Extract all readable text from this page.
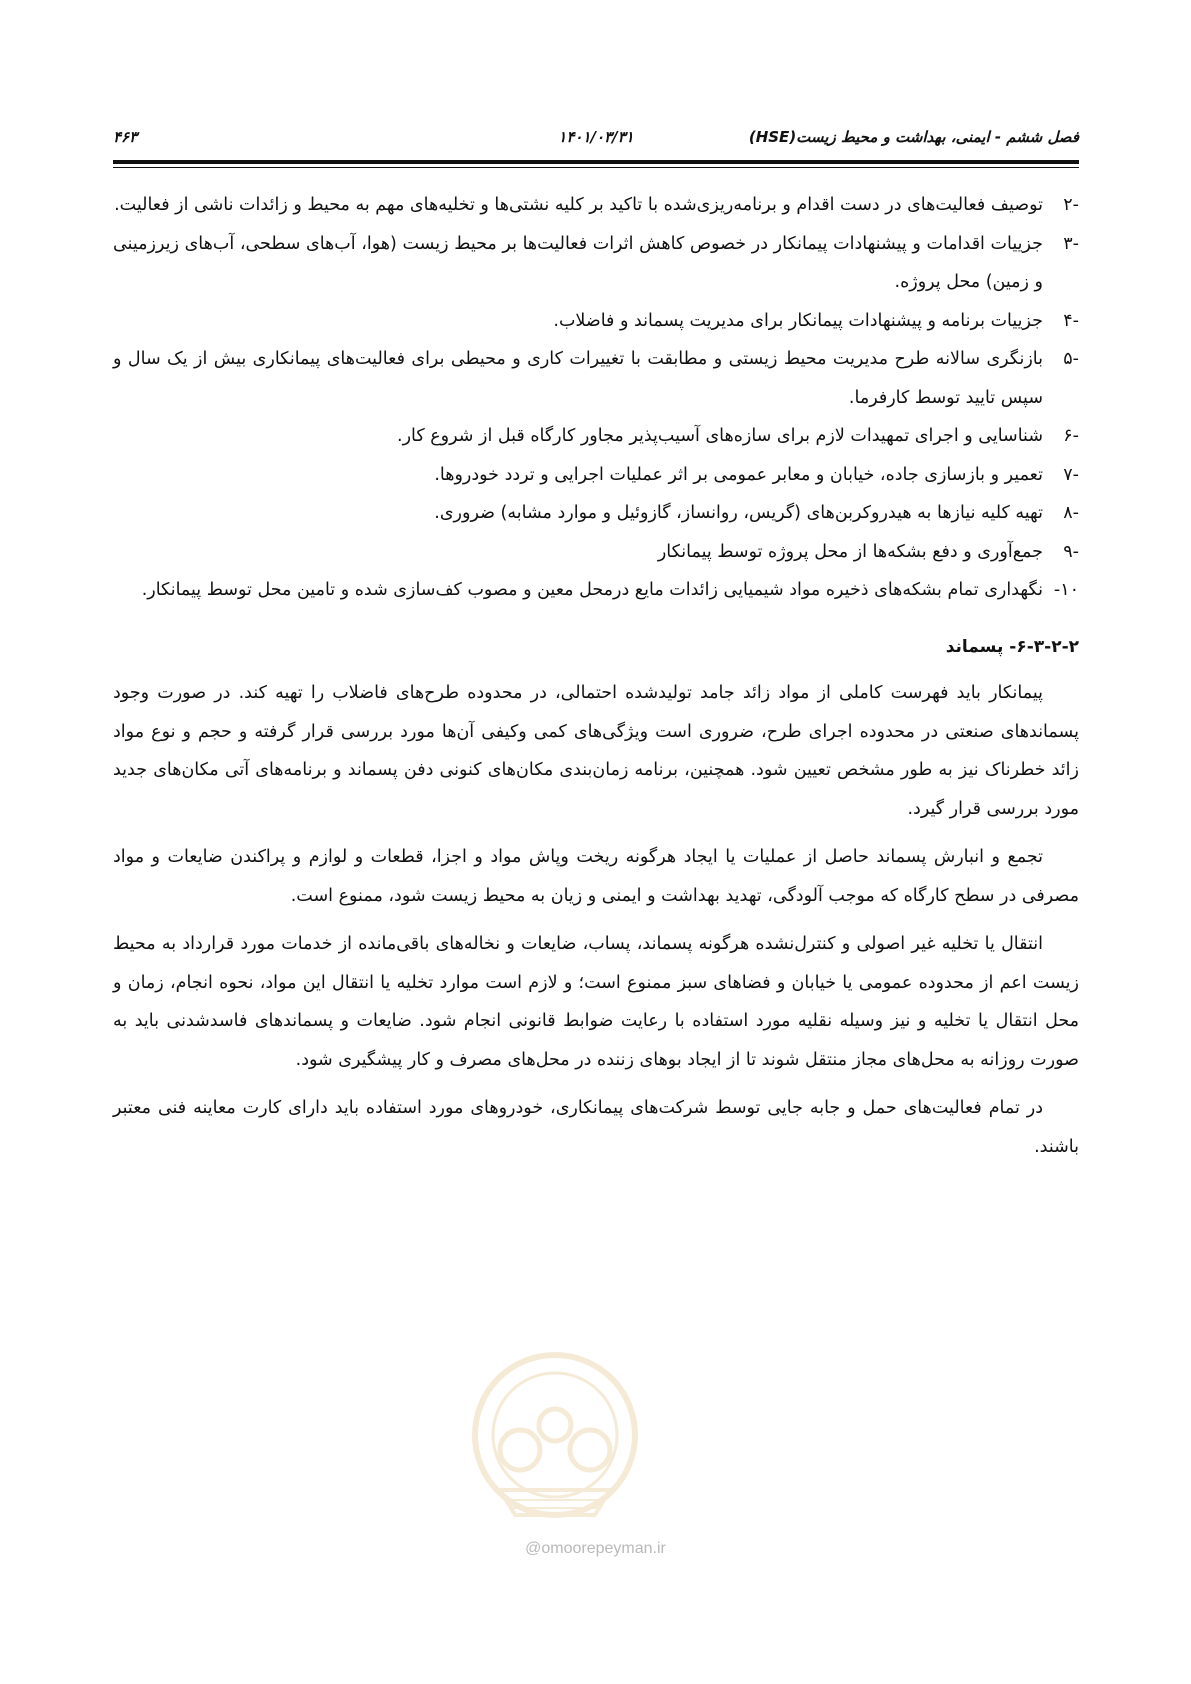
فصل ششم - ایمنی، بهداشت و محیط زیست(HSE)
۱۴۰۱/۰۳/۳۱
۴۶۳
-۲
توصیف فعالیت‌های در دست اقدام و برنامه‌ریزی‌شده با تاکید بر کلیه نشتی‌ها و تخلیه‌های مهم به محیط و زائدات ناشی از فعالیت.
-۳
جزییات اقدامات و پیشنهادات پیمانکار در خصوص کاهش اثرات فعالیت‌ها بر محیط زیست (هوا، آب‌های سطحی، آب‌های زیرزمینی و زمین) محل پروژه.
-۴
جزییات برنامه و پیشنهادات پیمانکار برای مدیریت پسماند و فاضلاب.
-۵
بازنگری سالانه طرح مدیریت محیط زیستی و مطابقت با تغییرات کاری و محیطی برای فعالیت‌های پیمانکاری بیش از یک سال و سپس تایید توسط کارفرما.
-۶
شناسایی و اجرای تمهیدات لازم برای سازه‌های آسیب‌پذیر مجاور کارگاه قبل از شروع کار.
-۷
تعمیر و بازسازی جاده، خیابان و معابر عمومی بر اثر عملیات اجرایی و تردد خودروها.
-۸
تهیه کلیه نیازها به هیدروکربن‌های (گریس، روانساز، گازوئیل و موارد مشابه) ضروری.
-۹
جمع‌آوری و دفع بشکه‌ها از محل پروژه توسط پیمانکار
۱۰-
نگهداری تمام بشکه‌های ذخیره مواد شیمیایی زائدات مایع درمحل معین و مصوب کف‌سازی شده و تامین محل توسط پیمانکار.
۶-۳-۲-۲- پسماند

پیمانکار باید فهرست کاملی از مواد زائد جامد تولیدشده احتمالی، در محدوده طرح‌های فاضلاب را تهیه کند. در صورت وجود پسماندهای صنعتی در محدوده اجرای طرح، ضروری است ویژگی‌های کمی وکیفی آن‌ها مورد بررسی قرار گرفته و حجم و نوع مواد زائد خطرناک نیز به طور مشخص تعیین شود. همچنین، برنامه زمان‌بندی مکان‌های کنونی دفن پسماند و برنامه‌های آتی مکان‌های جدید مورد بررسی قرار گیرد.

تجمع و انبارش پسماند حاصل از عملیات یا ایجاد هرگونه ریخت وپاش مواد و اجزا، قطعات و لوازم و پراکندن ضایعات و مواد مصرفی در سطح کارگاه که موجب آلودگی، تهدید بهداشت و ایمنی و زیان به محیط زیست شود، ممنوع است.

انتقال یا تخلیه غیر اصولی و کنترل‌نشده هرگونه پسماند، پساب، ضایعات و نخاله‌های باقی‌مانده از خدمات مورد قرارداد به محیط زیست اعم از محدوده عمومی یا خیابان و فضاهای سبز ممنوع است؛ و لازم است موارد تخلیه یا انتقال این مواد، نحوه انجام، زمان و محل انتقال یا تخلیه و نیز وسیله نقلیه مورد استفاده با رعایت ضوابط قانونی انجام شود. ضایعات و پسماندهای فاسدشدنی باید به صورت روزانه به محل‌های مجاز منتقل شوند تا از ایجاد بوهای زننده در محل‌های مصرف و کار پیشگیری شود.

در تمام فعالیت‌های حمل و جابه جایی توسط شرکت‌های پیمانکاری، خودروهای مورد استفاده باید دارای کارت معاینه فنی معتبر باشند.

@omoorepeyman.ir
